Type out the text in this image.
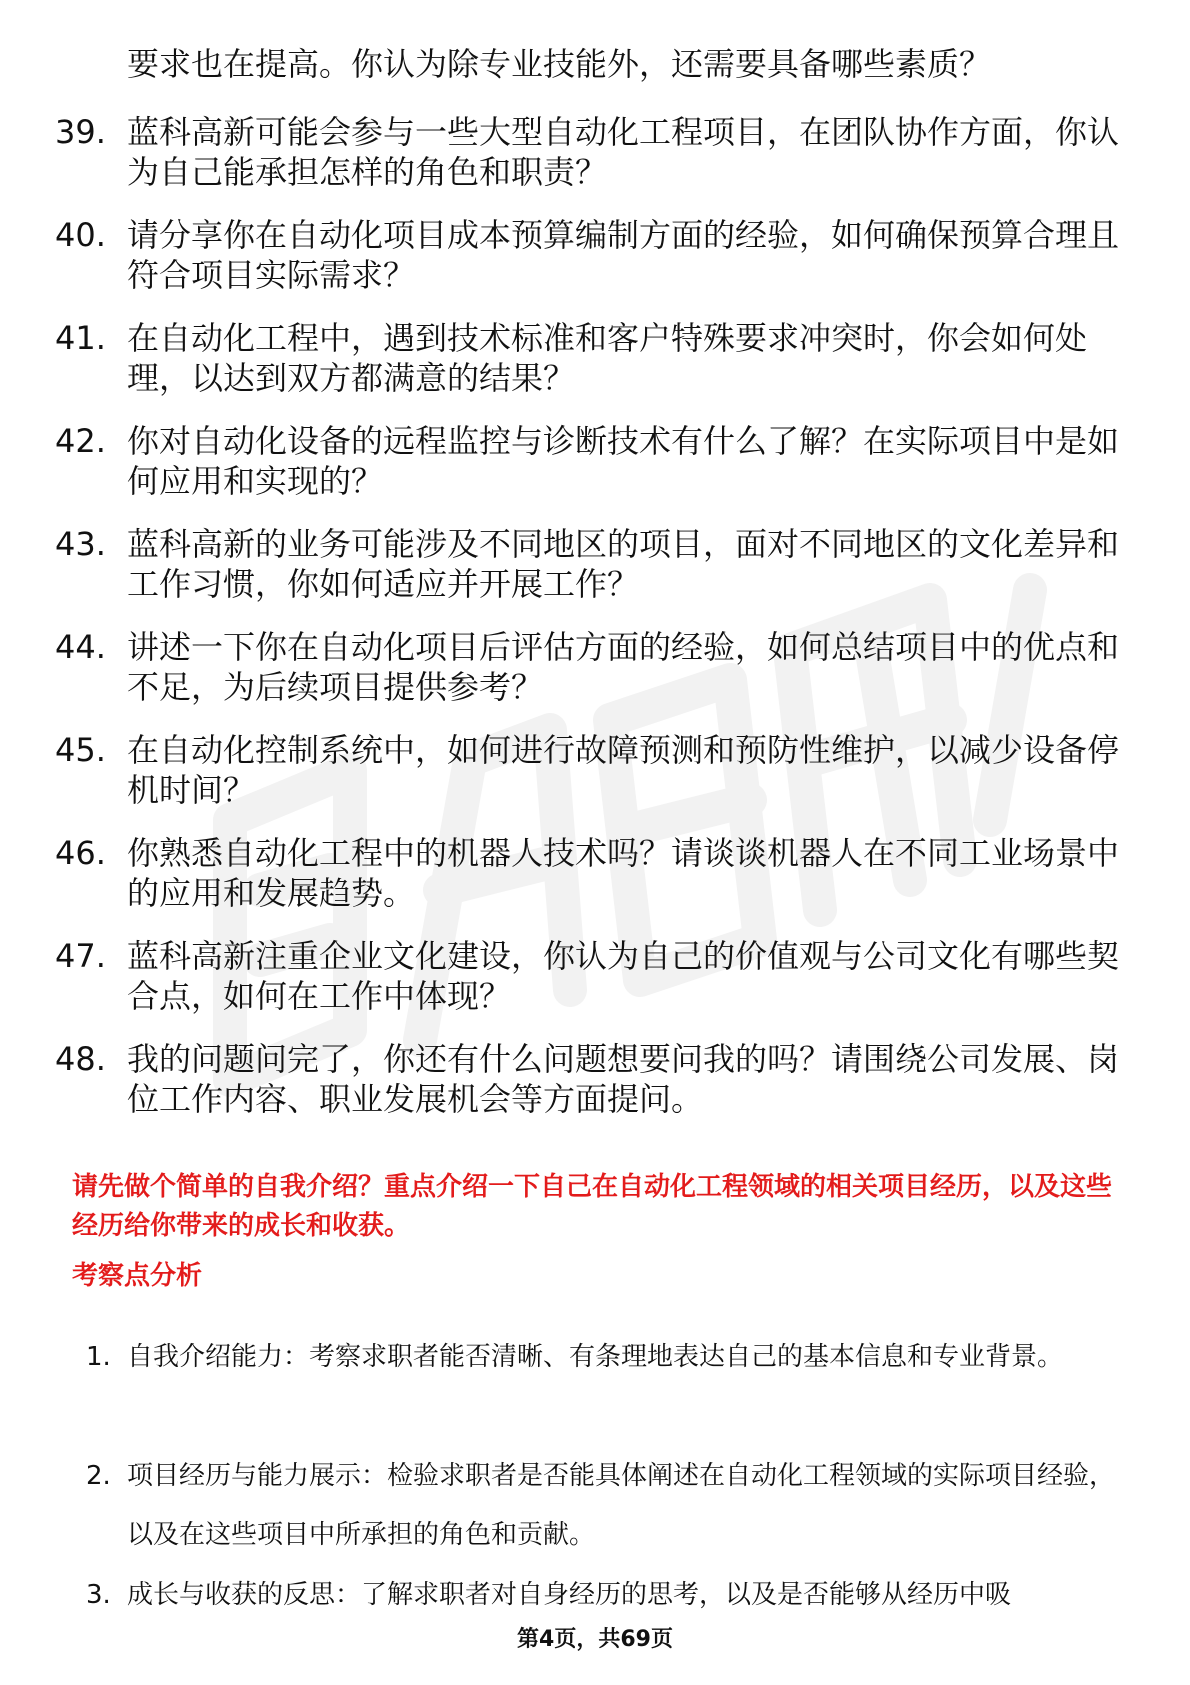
要求也在提高。你认为除专业技能外，还需要具备哪些素质？
39. 蓝科高新可能会参与一些大型自动化工程项目，在团队协作方面，你认为自己能承担怎样的角色和职责？
40. 请分享你在自动化项目成本预算编制方面的经验，如何确保预算合理且符合项目实际需求？
41. 在自动化工程中，遇到技术标准和客户特殊要求冲突时，你会如何处理，以达到双方都满意的结果？
42. 你对自动化设备的远程监控与诊断技术有什么了解？在实际项目中是如何应用和实现的？
43. 蓝科高新的业务可能涉及不同地区的项目，面对不同地区的文化差异和工作习惯，你如何适应并开展工作？
44. 讲述一下你在自动化项目后评估方面的经验，如何总结项目中的优点和不足，为后续项目提供参考？
45. 在自动化控制系统中，如何进行故障预测和预防性维护，以减少设备停机时间？
46. 你熟悉自动化工程中的机器人技术吗？请谈谈机器人在不同工业场景中的应用和发展趋势。
47. 蓝科高新注重企业文化建设，你认为自己的价值观与公司文化有哪些契合点，如何在工作中体现？
48. 我的问题问完了，你还有什么问题想要问我的吗？请围绕公司发展、岗位工作内容、职业发展机会等方面提问。
请先做个简单的自我介绍？重点介绍一下自己在自动化工程领域的相关项目经历，以及这些经历给你带来的成长和收获。
考察点分析
1. 自我介绍能力：考察求职者能否清晰、有条理地表达自己的基本信息和专业背景。
2. 项目经历与能力展示：检验求职者是否能具体阐述在自动化工程领域的实际项目经验，以及在这些项目中所承担的角色和贡献。
3. 成长与收获的反思：了解求职者对自身经历的思考，以及是否能够从经历中吸
第4页，共69页
